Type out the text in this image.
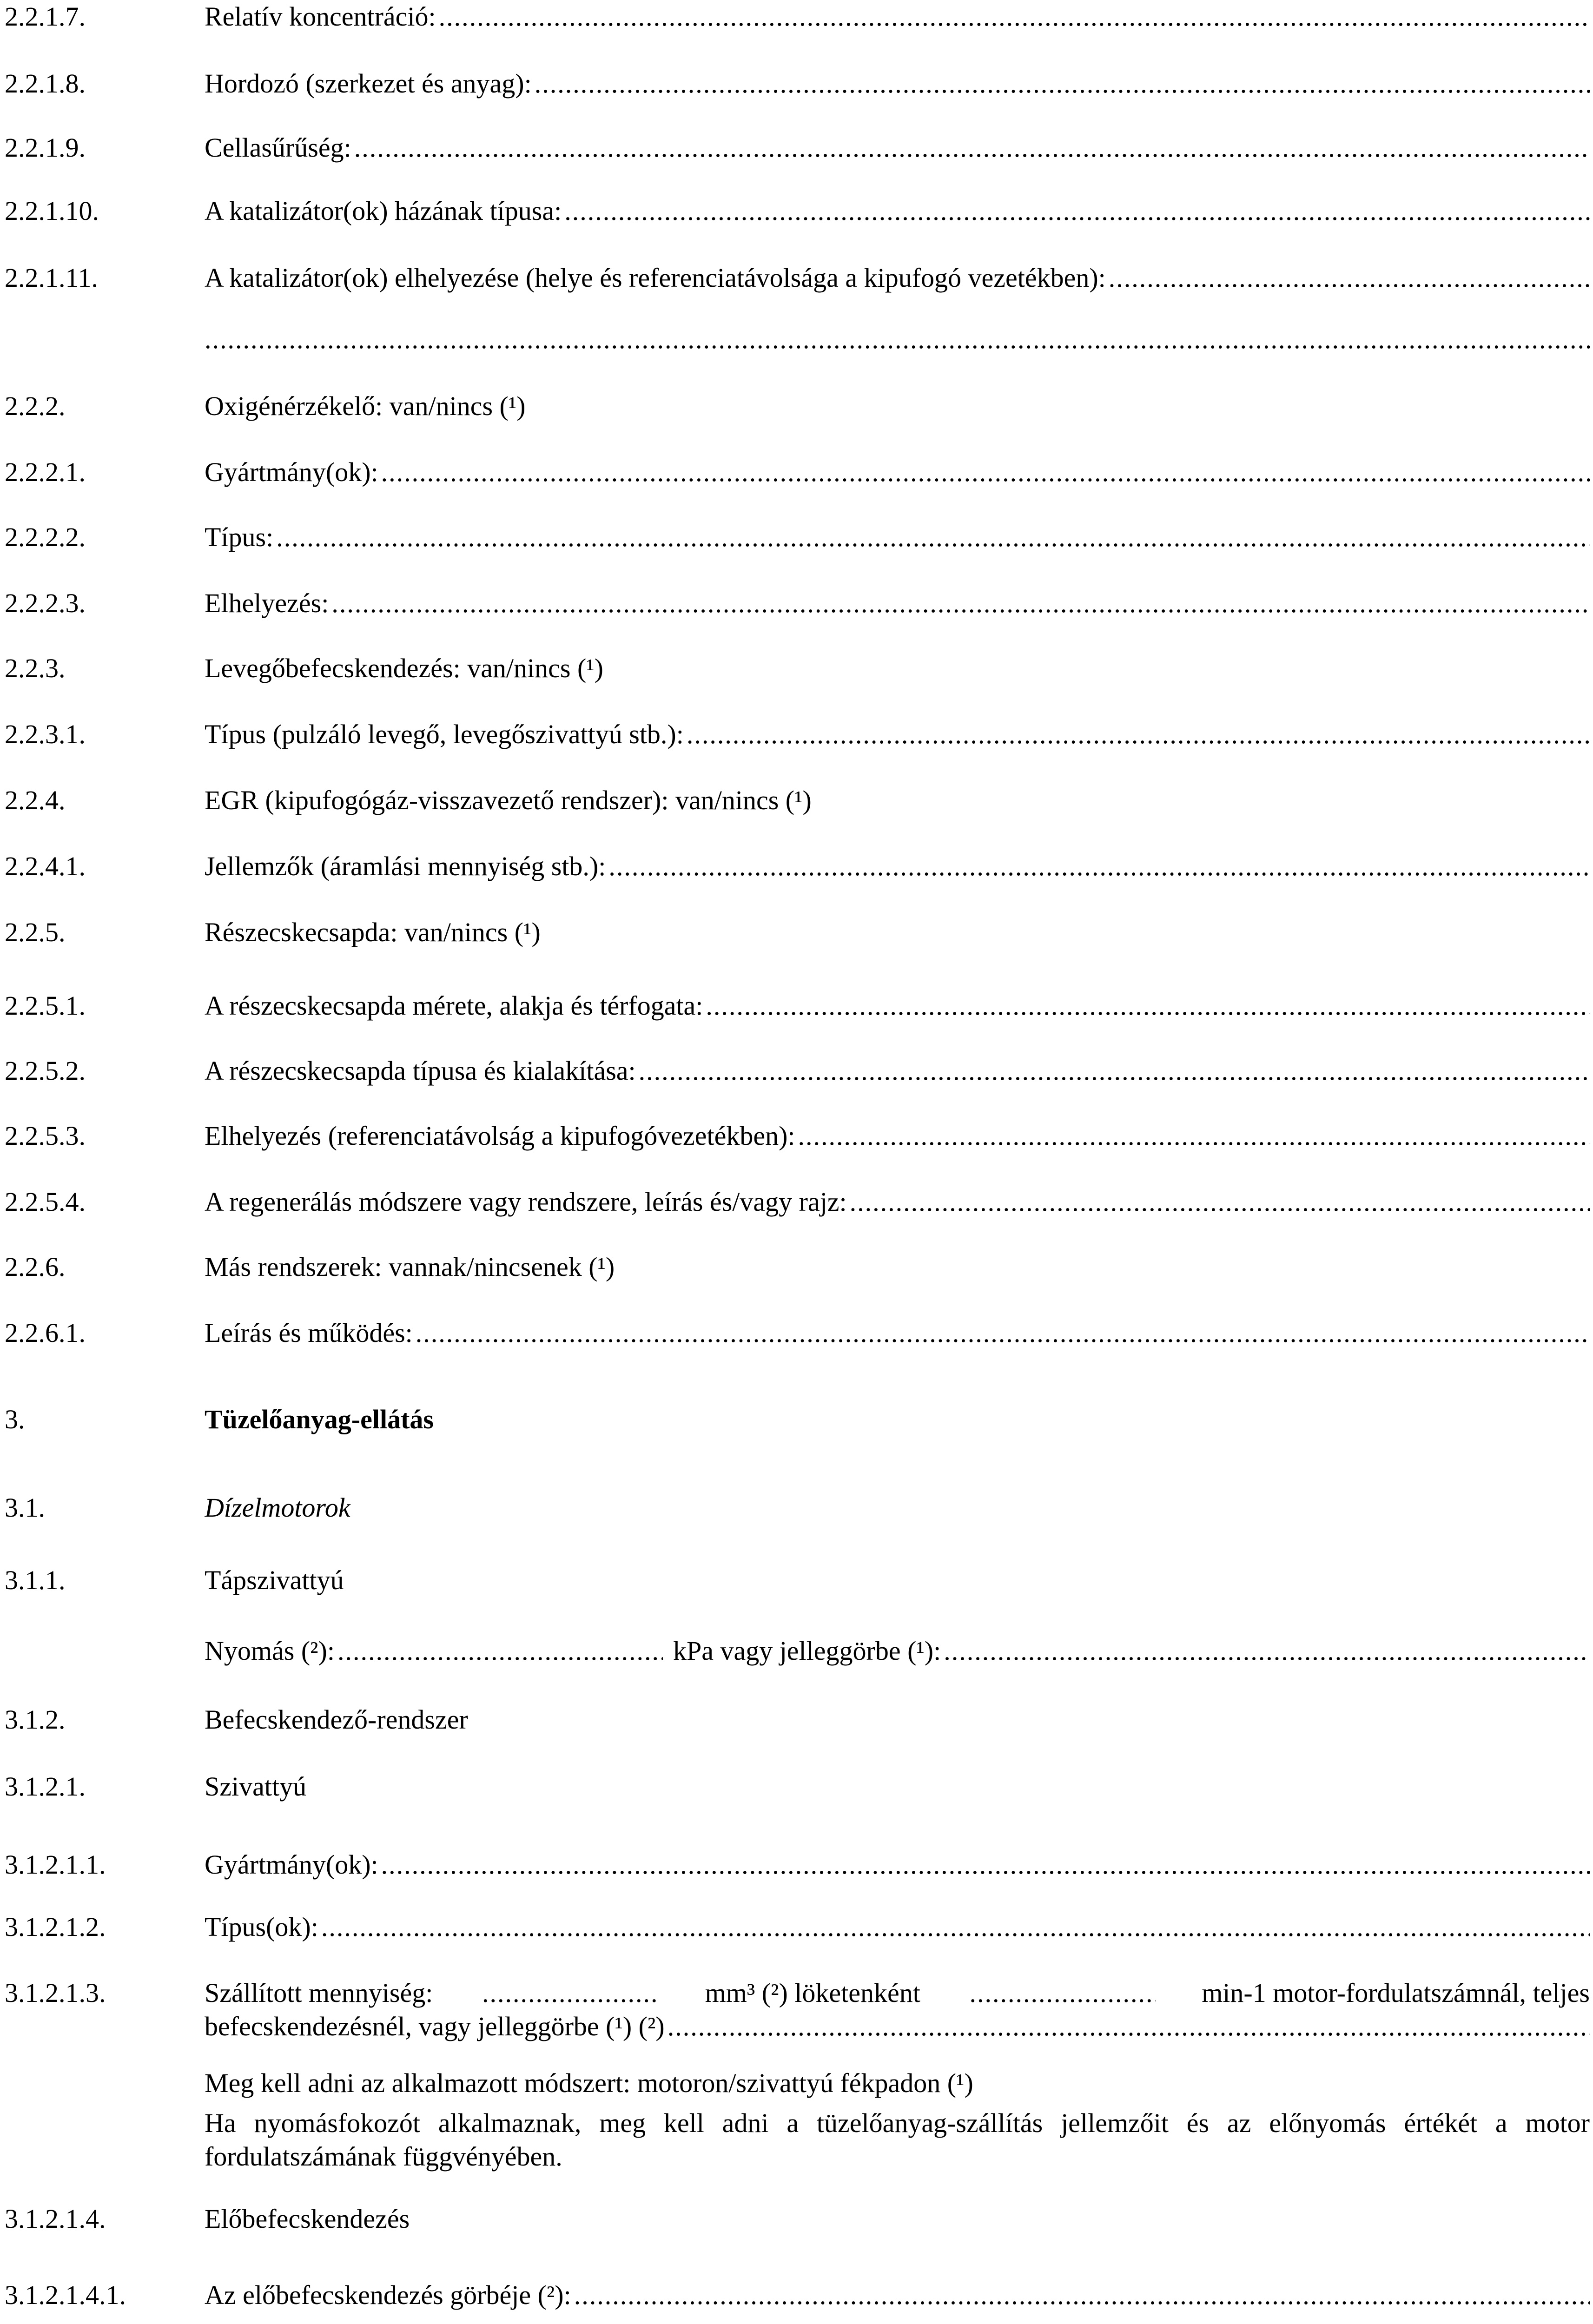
2.2.1.7.	Relatív koncentráció:
.....
2.2.1.8.	Hordozó (szerkezet és anyag):
.....
2.2.1.9.	Cellasűrűség:
.....
2.2.1.10.	A katalizátor(ok) házának típusa:
.....
2.2.1.11.	A katalizátor(ok) elhelyezése (helye és referenciatávolsága a kipufogó vezetékben):
.....
.....
2.2.2.	Oxigénérzékelő: van/nincs (¹)
2.2.2.1.	Gyártmány(ok):
.....
2.2.2.2.	Típus:
.....
2.2.2.3.	Elhelyezés:
.....
2.2.3.	Levegőbefecskendezés: van/nincs (¹)
2.2.3.1.	Típus (pulzáló levegő, levegőszivattyú stb.):
.....
2.2.4.	EGR (kipufogógáz-visszavezető rendszer): van/nincs (¹)
2.2.4.1.	Jellemzők (áramlási mennyiség stb.):
.....
2.2.5.	Részecskecsapda: van/nincs (¹)
2.2.5.1.	A részecskecsapda mérete, alakja és térfogata:
.....
2.2.5.2.	A részecskecsapda típusa és kialakítása:
.....
2.2.5.3.	Elhelyezés (referenciatávolság a kipufogóvezetékben):
.....
2.2.5.4.	A regenerálás módszere vagy rendszere, leírás és/vagy rajz:
.....
2.2.6.	Más rendszerek: vannak/nincsenek (¹)
2.2.6.1.	Leírás és működés:
.....
3.	Tüzelőanyag-ellátás
3.1.	Dízelmotorok
3.1.1.	Tápszivattyú
Nyomás (²): .....	kPa vagy jelleggörbe (¹):
.....
3.1.2.	Befecskendező-rendszer
3.1.2.1.	Szivattyú
3.1.2.1.1.	Gyártmány(ok):
.....
3.1.2.1.2.	Típus(ok):
.....
3.1.2.1.3.	Szállított mennyiség: .....	mm³ (²) löketenként .....	min-1 motor-fordulatszámnál, teljes
befecskendezésnél, vagy jelleggörbe (¹) (²)
.....
Meg kell adni az alkalmazott módszert: motoron/szivattyú fékpadon (¹)
Ha nyomásfokozót alkalmaznak, meg kell adni a tüzelőanyag-szállítás jellemzőit és az előnyomás értékét a motor fordulatszámának függvényében.
3.1.2.1.4.	Előbefecskendezés
3.1.2.1.4.1.	Az előbefecskendezés görbéje (²):
.....
